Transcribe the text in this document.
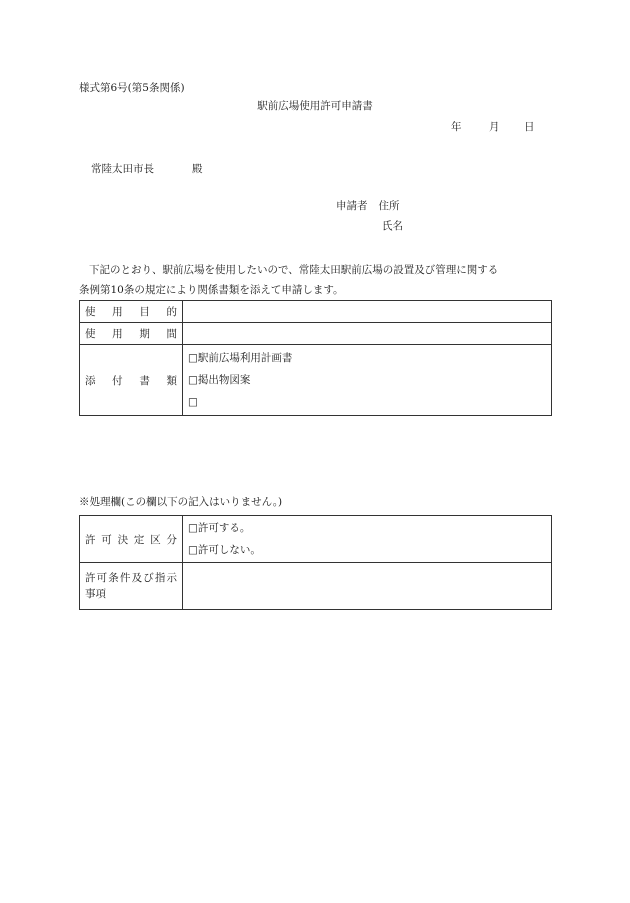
様式第6号(第5条関係)
駅前広場使用許可申請書
年	月 日
常陸太田市長	殿
申請者 住所
氏名

下記のとおり、駅前広場を使用したいので、常陸太田駅前広場の設置及び管理に関する

条例第10条の規定により関係書類を添えて申請します。

使用目的	
使用期間	
添付書類	□駅前広場利用計画書
□掲出物図案
□
※処理欄(この欄以下の記入はいりません。)
許可決定区分	□許可する。
□許可しない。

許可条件及び指示事項	
